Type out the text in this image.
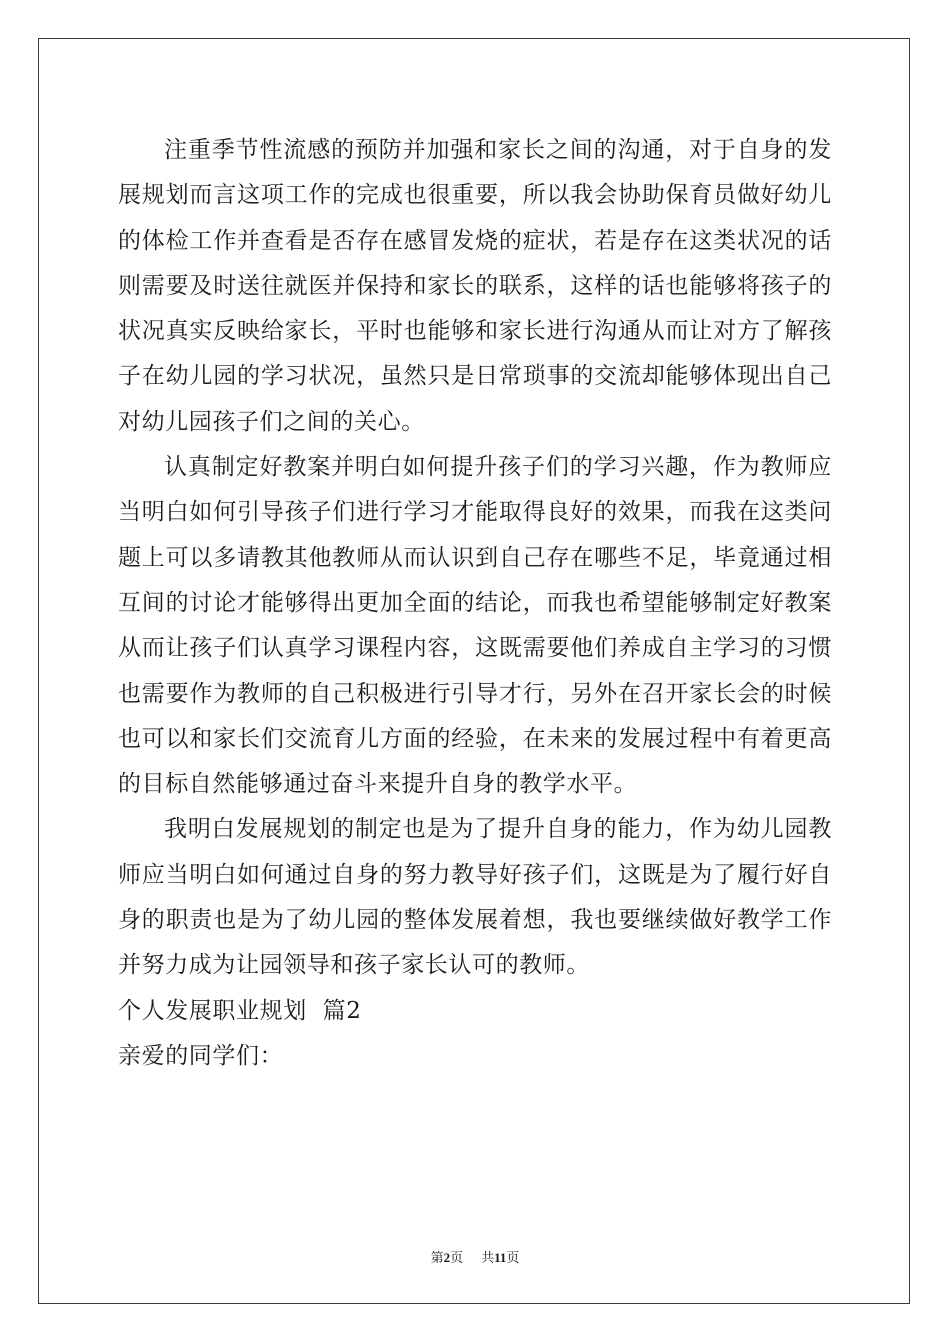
注重季节性流感的预防并加强和家长之间的沟通，对于自身的发展规划而言这项工作的完成也很重要，所以我会协助保育员做好幼儿的体检工作并查看是否存在感冒发烧的症状，若是存在这类状况的话则需要及时送往就医并保持和家长的联系，这样的话也能够将孩子的状况真实反映给家长，平时也能够和家长进行沟通从而让对方了解孩子在幼儿园的学习状况，虽然只是日常琐事的交流却能够体现出自己对幼儿园孩子们之间的关心。

认真制定好教案并明白如何提升孩子们的学习兴趣，作为教师应当明白如何引导孩子们进行学习才能取得良好的效果，而我在这类问题上可以多请教其他教师从而认识到自己存在哪些不足，毕竟通过相互间的讨论才能够得出更加全面的结论，而我也希望能够制定好教案从而让孩子们认真学习课程内容，这既需要他们养成自主学习的习惯也需要作为教师的自己积极进行引导才行，另外在召开家长会的时候也可以和家长们交流育儿方面的经验，在未来的发展过程中有着更高的目标自然能够通过奋斗来提升自身的教学水平。

我明白发展规划的制定也是为了提升自身的能力，作为幼儿园教师应当明白如何通过自身的努力教导好孩子们，这既是为了履行好自身的职责也是为了幼儿园的整体发展着想，我也要继续做好教学工作并努力成为让园领导和孩子家长认可的教师。

个人发展职业规划  篇2

亲爱的同学们：

第2页 共11页
